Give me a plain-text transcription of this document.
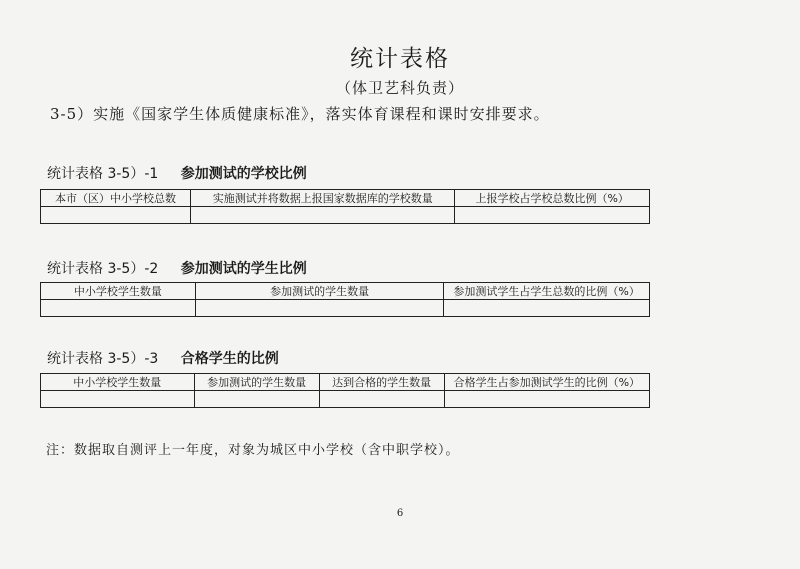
统计表格
（体卫艺科负责）
3-5）实施《国家学生体质健康标准》，落实体育课程和课时安排要求。
统计表格 3-5）-1 参加测试的学校比例
本市（区）中小学校总数	实施测试并将数据上报国家数据库的学校数量	上报学校占学校总数比例（%）

统计表格 3-5）-2 参加测试的学生比例
中小学校学生数量	参加测试的学生数量	参加测试学生占学生总数的比例（%）

统计表格 3-5）-3 合格学生的比例
中小学校学生数量	参加测试的学生数量	达到合格的学生数量	合格学生占参加测试学生的比例（%）

注：数据取自测评上一年度，对象为城区中小学校（含中职学校）。
6
